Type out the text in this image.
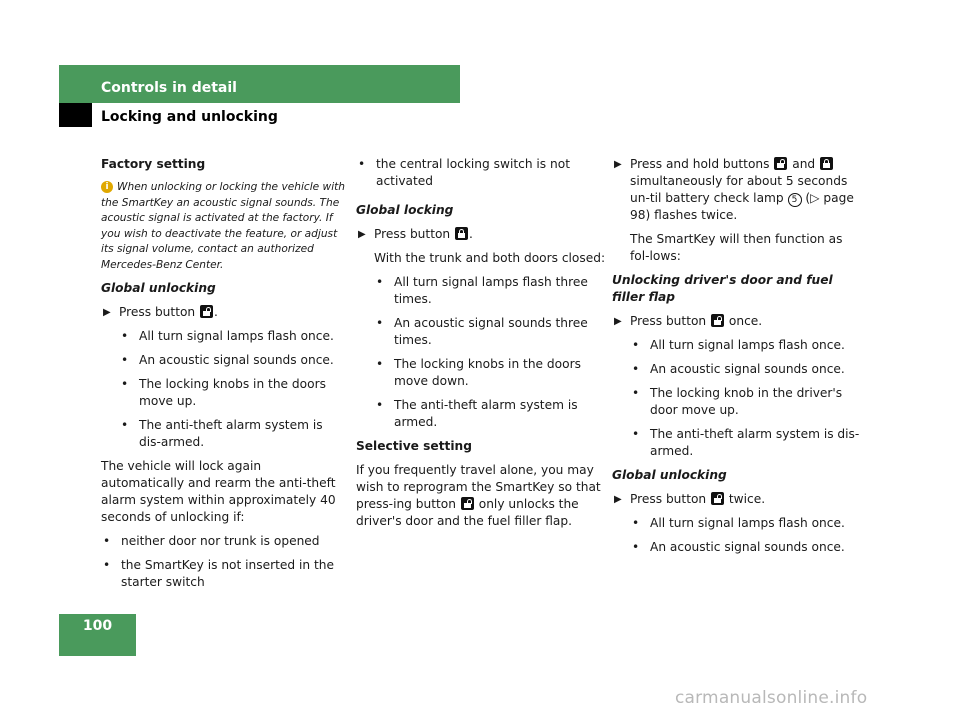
Controls in detail
Locking and unlocking

Factory setting

i When unlocking or locking the vehicle with the SmartKey an acoustic signal sounds. The acoustic signal is activated at the factory. If you wish to deactivate the feature, or adjust its signal volume, contact an authorized Mercedes-Benz Center.

Global unlocking

▶ Press button .
• All turn signal lamps flash once.
• An acoustic signal sounds once.
• The locking knobs in the doors move up.
• The anti-theft alarm system is dis-armed.

The vehicle will lock again automatically and rearm the anti-theft alarm system within approximately 40 seconds of unlocking if:

• neither door nor trunk is opened
• the SmartKey is not inserted in the starter switch
• the central locking switch is not activated

Global locking

▶ Press button .

With the trunk and both doors closed:

• All turn signal lamps flash three times.
• An acoustic signal sounds three times.
• The locking knobs in the doors move down.
• The anti-theft alarm system is armed.

Selective setting

If you frequently travel alone, you may wish to reprogram the SmartKey so that press-ing button only unlocks the driver's door and the fuel filler flap.

▶ Press and hold buttons and  simultaneously for about 5 seconds un-til battery check lamp 5 (▷ page 98) flashes twice.

The SmartKey will then function as fol-lows:

Unlocking driver's door and fuel filler flap

▶ Press button once.
• All turn signal lamps flash once.
• An acoustic signal sounds once.
• The locking knob in the driver's door move up.
• The anti-theft alarm system is dis-armed.

Global unlocking

▶ Press button twice.
• All turn signal lamps flash once.
• An acoustic signal sounds once.
100
carmanualsonline.info
